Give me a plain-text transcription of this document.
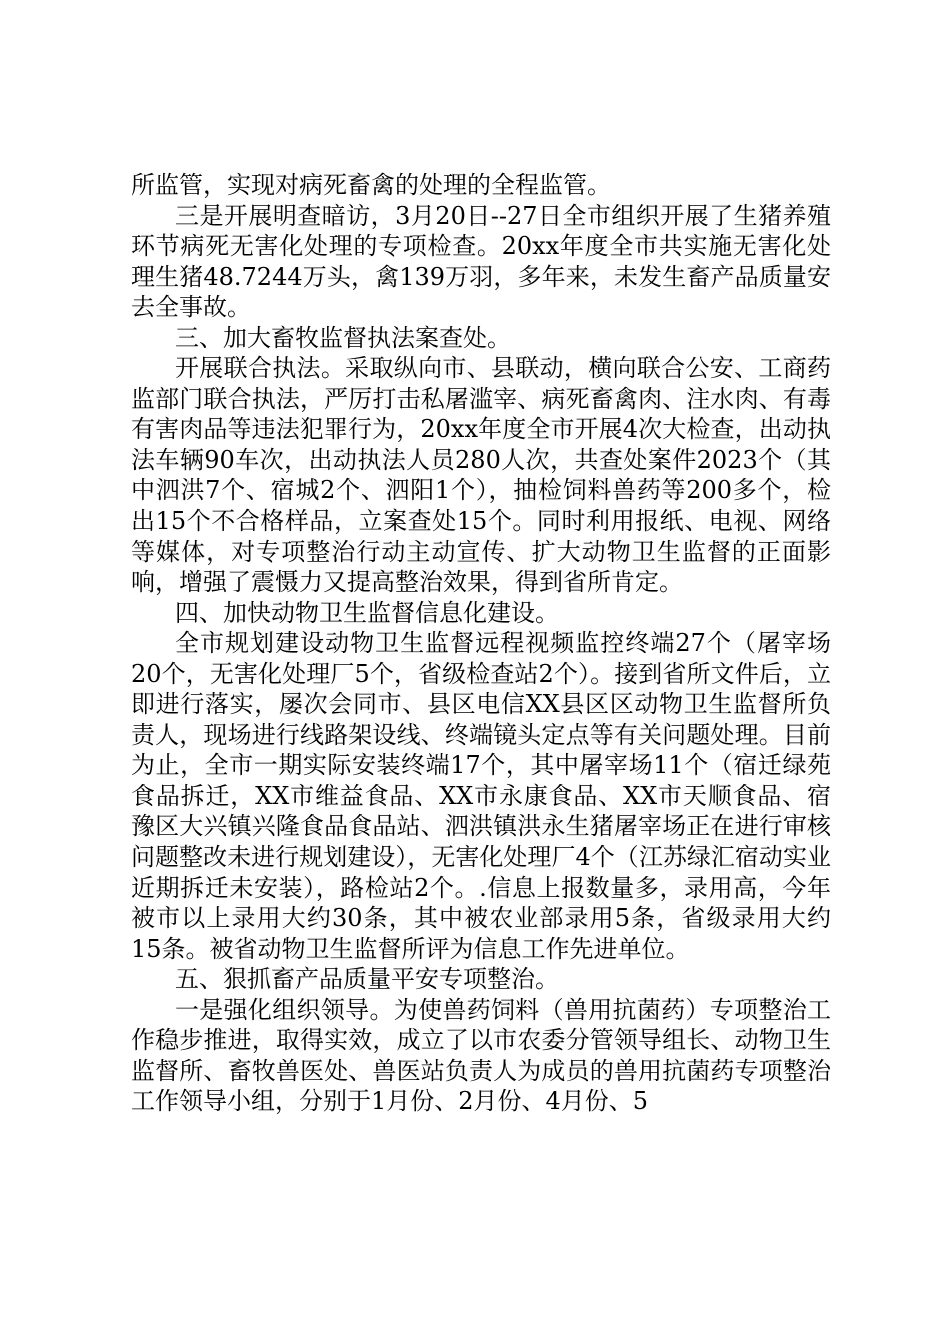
所监管，实现对病死畜禽的处理的全程监管。

三是开展明查暗访，3月20日--27日全市组织开展了生猪养殖环节病死无害化处理的专项检查。20xx年度全市共实施无害化处理生猪48.7244万头，禽139万羽，多年来，未发生畜产品质量安去全事故。

三、加大畜牧监督执法案查处。

开展联合执法。采取纵向市、县联动，横向联合公安、工商药监部门联合执法，严厉打击私屠滥宰、病死畜禽肉、注水肉、有毒有害肉品等违法犯罪行为，20xx年度全市开展4次大检查，出动执法车辆90车次，出动执法人员280人次，共查处案件2023个（其中泗洪7个、宿城2个、泗阳1个），抽检饲料兽药等200多个，检出15个不合格样品，立案查处15个。同时利用报纸、电视、网络等媒体，对专项整治行动主动宣传、扩大动物卫生监督的正面影响，增强了震慑力又提高整治效果，得到省所肯定。

四、加快动物卫生监督信息化建设。

全市规划建设动物卫生监督远程视频监控终端27个（屠宰场20个，无害化处理厂5个，省级检查站2个）。接到省所文件后，立即进行落实，屡次会同市、县区电信XX县区区动物卫生监督所负责人，现场进行线路架设线、终端镜头定点等有关问题处理。目前为止，全市一期实际安装终端17个，其中屠宰场11个（宿迁绿苑食品拆迁，XX市维益食品、XX市永康食品、XX市天顺食品、宿豫区大兴镇兴隆食品食品站、泗洪镇洪永生猪屠宰场正在进行审核问题整改未进行规划建设），无害化处理厂4个（江苏绿汇宿动实业近期拆迁未安装），路检站2个。.信息上报数量多，录用高，今年被市以上录用大约30条，其中被农业部录用5条，省级录用大约15条。被省动物卫生监督所评为信息工作先进单位。

五、狠抓畜产品质量平安专项整治。

一是强化组织领导。为使兽药饲料（兽用抗菌药）专项整治工作稳步推进，取得实效，成立了以市农委分管领导组长、动物卫生监督所、畜牧兽医处、兽医站负责人为成员的兽用抗菌药专项整治工作领导小组，分别于1月份、2月份、4月份、5
